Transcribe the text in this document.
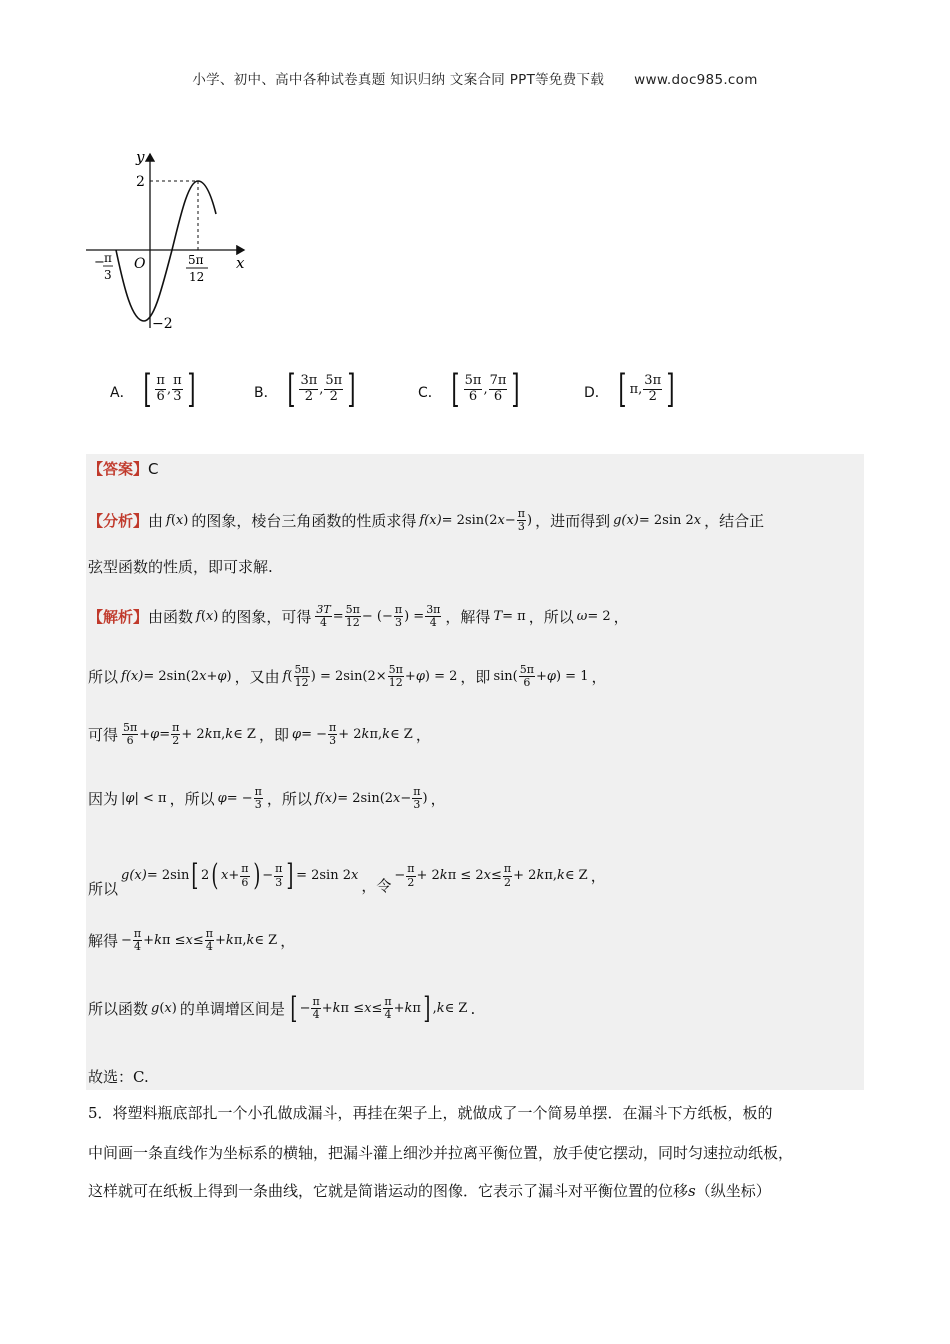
小学、初中、高中各种试卷真题 知识归纳 文案合同 PPT等免费下载 www.doc985.com
y
x
O
2
−2
− π
3
5π
12
A． [ $\frac{\pi}{6}$ , $\frac{\pi}{3}$ ]	B． [ $\frac{3\pi}{2}$ , $\frac{5\pi}{2}$ ]	C． [ $\frac{5\pi}{6}$ , $\frac{7\pi}{6}$ ]	D． [ π, $\frac{3\pi}{2}$ ]
【答案】 C
【分析】 由 f ( x ) 的图象，棱台三角函数的性质求得 f(x) = 2sin(2 $x - \frac{\pi}{3}$ ) ，进而得到 g(x) = 2sin 2 x ，结合正
弦型函数的性质，即可求解.
【解析】 由函数 f ( x ) 的图象，可得 $\frac{3T}{4} = \frac{5\pi}{12}$ − (− $\frac{\pi}{3}$ ) = $\frac{3\pi}{4}$ ，解得 T = π ，所以 ω = 2 ，
所以 f(x) = 2sin(2 x + φ ) ，又由 f ( $\frac{5\pi}{12}$ ) = $2\sin(2\times \frac{5\pi}{12} + \varphi$ ) = 2 ，即 $\sin( \frac{5\pi}{6} + \varphi$ ) = 1 ，
可得 $\frac{5\pi}{6} + \varphi = \frac{\pi}{2} + 2$ k π, k ∈ Z ，即 φ = − $\frac{\pi}{3} + 2$ k π, k ∈ Z ，
因为 | φ | < π ，所以 φ = − $\frac{\pi}{3}$ ，所以 f(x) = 2sin(2 $x - \frac{\pi}{3}$ ) ，
所以
g(x) = 2sin [ 2 ( $x + \frac{\pi}{6}$ ) − $\frac{\pi}{3}$ ] = 2sin 2 x
，令
− $\frac{\pi}{2} + 2$ k π ≤ 2 $x \le \frac{\pi}{2} + 2$ k π, k ∈ Z ，
解得 − $\frac{\pi}{4} + k$ $\pi \le x \le \frac{\pi}{4} + k$ π, k ∈ Z ，
所以函数 g ( x ) 的单调增区间是 [ − $\frac{\pi}{4} + k$ $\pi \le x \le \frac{\pi}{4} + k$ π ] , k ∈ Z .
故选：C.
5．将塑料瓶底部扎一个小孔做成漏斗，再挂在架子上，就做成了一个简易单摆．在漏斗下方纸板，板的
中间画一条直线作为坐标系的横轴，把漏斗灌上细沙并拉离平衡位置，放手使它摆动，同时匀速拉动纸板，
这样就可在纸板上得到一条曲线，它就是简谐运动的图像．它表示了漏斗对平衡位置的位移s（纵坐标）
